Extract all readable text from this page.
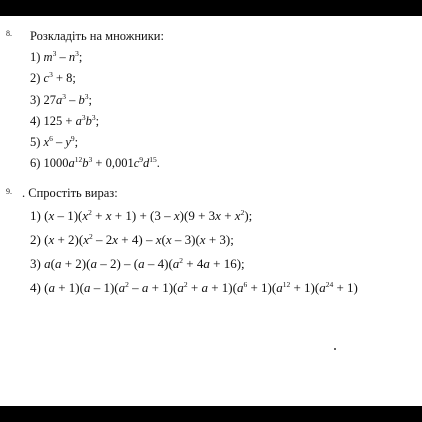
8. Розкладіть на множники:
1) $m^3 - n^3$;
2) $c^3 + 8$;
3) $27a^3 - b^3$;
4) $125 + a^3b^3$;
5) $x^6 - y^9$;
6) $1000a^{12}b^3 + 0,001c^9d^{15}$.
9. . Спростіть вираз:
1) $(x - 1)(x^2 + x + 1) + (3 - x)(9 + 3x + x^2)$;
2) $(x + 2)(x^2 - 2x + 4) - x(x - 3)(x + 3)$;
3) $a(a + 2)(a - 2) - (a - 4)(a^2 + 4a + 16)$;
4) $(a + 1)(a - 1)(a^2 - a + 1)(a^2 + a + 1)(a^6 + 1)(a^{12} + 1)(a^{24} + 1)$
